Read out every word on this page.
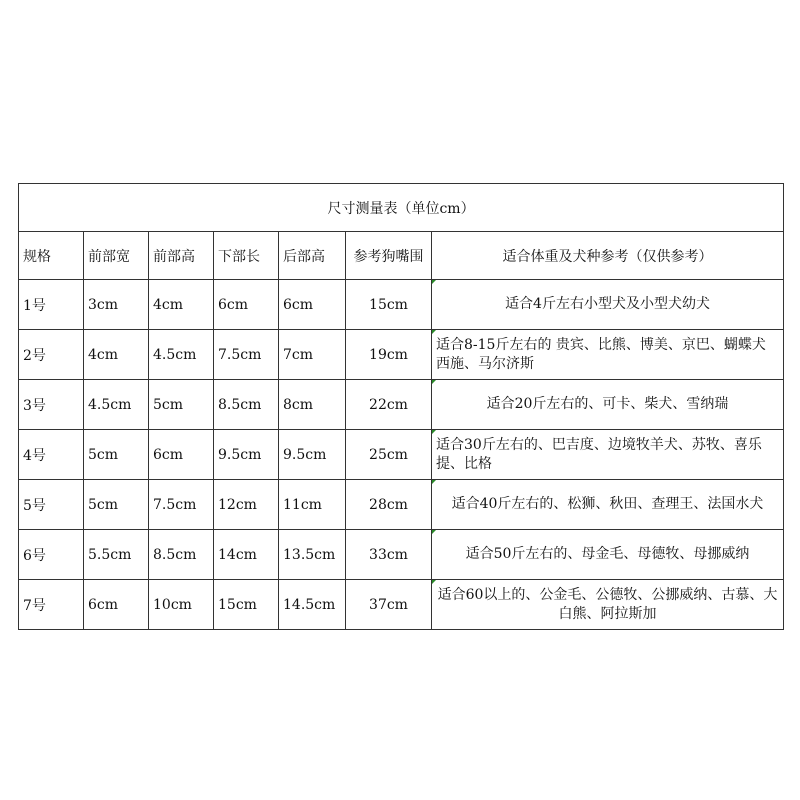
尺寸测量表（单位cm）						
规格	前部宽	前部高	下部长	后部高	参考狗嘴围	适合体重及犬种参考（仅供参考）
1号	3cm	4cm	6cm	6cm	15cm	适合4斤左右小型犬及小型犬幼犬
2号	4cm	4.5cm	7.5cm	7cm	19cm	适合8-15斤左右的 贵宾、比熊、博美、京巴、蝴蝶犬西施、马尔济斯
3号	4.5cm	5cm	8.5cm	8cm	22cm	适合20斤左右的、可卡、柴犬、雪纳瑞
4号	5cm	6cm	9.5cm	9.5cm	25cm	适合30斤左右的、巴吉度、边境牧羊犬、苏牧、喜乐提、比格
5号	5cm	7.5cm	12cm	11cm	28cm	适合40斤左右的、松狮、秋田、查理王、法国水犬
6号	5.5cm	8.5cm	14cm	13.5cm	33cm	适合50斤左右的、母金毛、母德牧、母挪威纳
7号	6cm	10cm	15cm	14.5cm	37cm	适合60以上的、公金毛、公德牧、公挪威纳、古慕、大白熊、阿拉斯加
